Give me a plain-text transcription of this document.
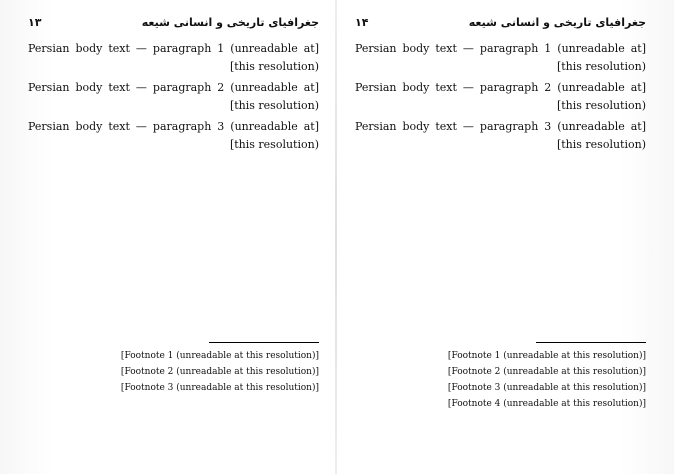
جغرافیای تاریخی و انسانی شیعه
۱۳

[Persian body text — paragraph 1 (unreadable at this resolution)]

[Persian body text — paragraph 2 (unreadable at this resolution)]

[Persian body text — paragraph 3 (unreadable at this resolution)]

[Footnote 1 (unreadable at this resolution)]

[Footnote 2 (unreadable at this resolution)]

[Footnote 3 (unreadable at this resolution)]

جغرافیای تاریخی و انسانی شیعه
۱۴

[Persian body text — paragraph 1 (unreadable at this resolution)]

[Persian body text — paragraph 2 (unreadable at this resolution)]

[Persian body text — paragraph 3 (unreadable at this resolution)]

[Footnote 1 (unreadable at this resolution)]

[Footnote 2 (unreadable at this resolution)]

[Footnote 3 (unreadable at this resolution)]

[Footnote 4 (unreadable at this resolution)]
